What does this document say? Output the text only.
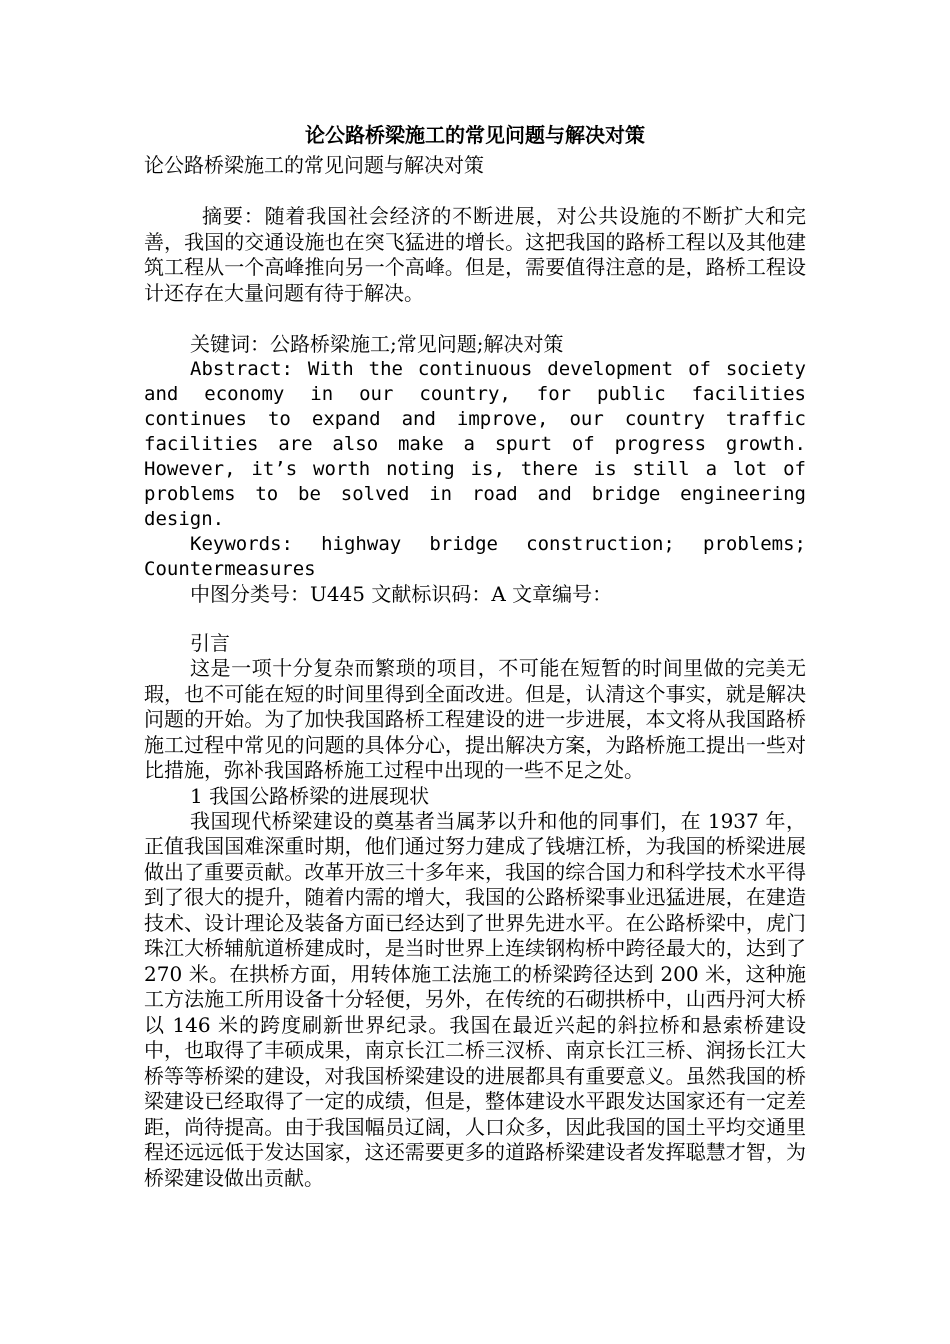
论公路桥梁施工的常见问题与解决对策

论公路桥梁施工的常见问题与解决对策

摘要：随着我国社会经济的不断进展，对公共设施的不断扩大和完善，我国的交通设施也在突飞猛进的增长。这把我国的路桥工程以及其他建筑工程从一个高峰推向另一个高峰。但是，需要值得注意的是，路桥工程设计还存在大量问题有待于解决。

关键词：公路桥梁施工;常见问题;解决对策

Abstract: With the continuous development of society and economy in our country, for public facilities continues to expand and improve, our country traffic facilities are also make a spurt of progress growth. However, it’s worth noting is, there is still a lot of problems to be solved in road and bridge engineering design.

Keywords: highway bridge construction; problems; Countermeasures

中图分类号：U445 文献标识码：A 文章编号：

引言

这是一项十分复杂而繁琐的项目，不可能在短暂的时间里做的完美无瑕，也不可能在短的时间里得到全面改进。但是，认清这个事实，就是解决问题的开始。为了加快我国路桥工程建设的进一步进展，本文将从我国路桥施工过程中常见的问题的具体分心，提出解决方案，为路桥施工提出一些对比措施，弥补我国路桥施工过程中出现的一些不足之处。

1 我国公路桥梁的进展现状

我国现代桥梁建设的奠基者当属茅以升和他的同事们，在 1937 年，正值我国国难深重时期，他们通过努力建成了钱塘江桥，为我国的桥梁进展做出了重要贡献。改革开放三十多年来，我国的综合国力和科学技术水平得到了很大的提升，随着内需的增大，我国的公路桥梁事业迅猛进展，在建造技术、设计理论及装备方面已经达到了世界先进水平。在公路桥梁中，虎门珠江大桥辅航道桥建成时，是当时世界上连续钢构桥中跨径最大的，达到了 270 米。在拱桥方面，用转体施工法施工的桥梁跨径达到 200 米，这种施工方法施工所用设备十分轻便，另外，在传统的石砌拱桥中，山西丹河大桥以 146 米的跨度刷新世界纪录。我国在最近兴起的斜拉桥和悬索桥建设中，也取得了丰硕成果，南京长江二桥三汊桥、南京长江三桥、润扬长江大桥等等桥梁的建设，对我国桥梁建设的进展都具有重要意义。虽然我国的桥梁建设已经取得了一定的成绩，但是，整体建设水平跟发达国家还有一定差距，尚待提高。由于我国幅员辽阔，人口众多，因此我国的国土平均交通里程还远远低于发达国家，这还需要更多的道路桥梁建设者发挥聪慧才智，为桥梁建设做出贡献。
